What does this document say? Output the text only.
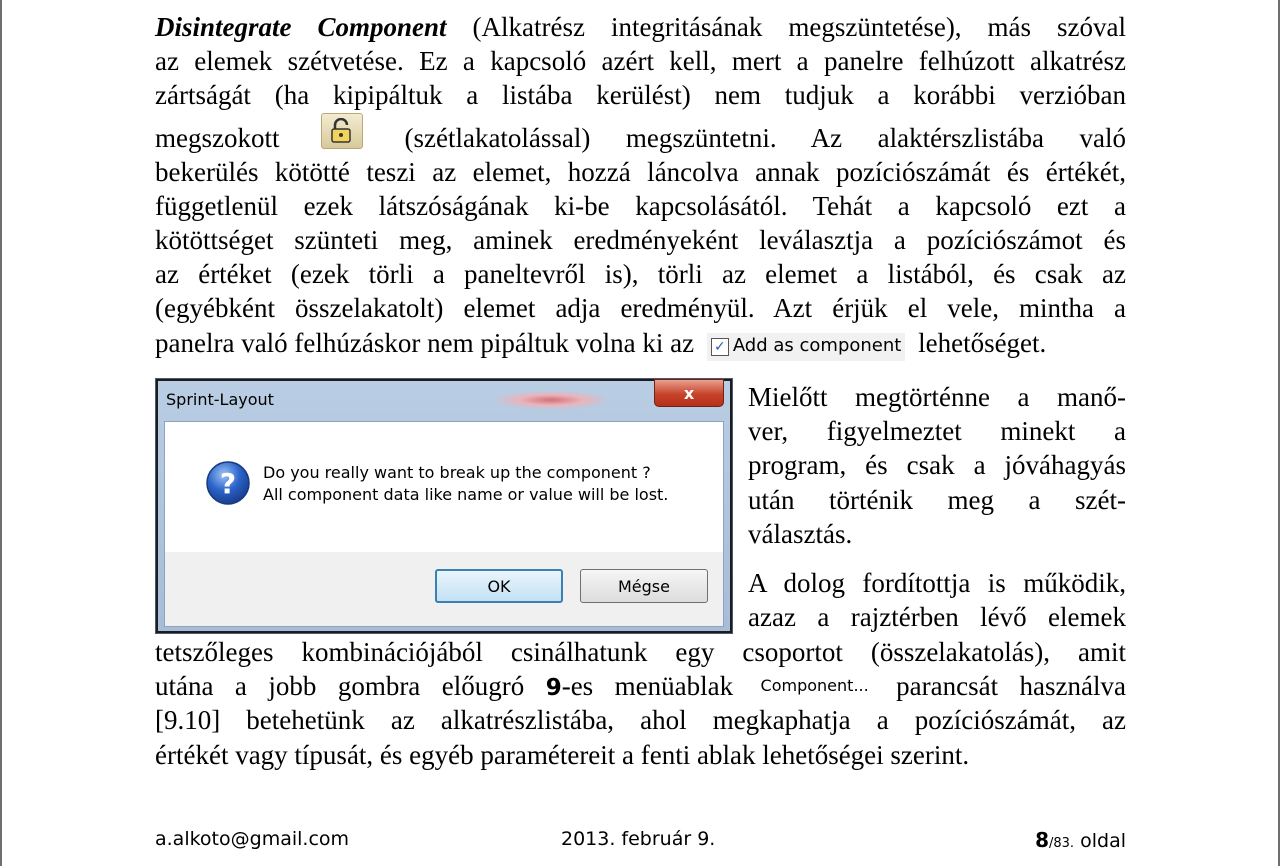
Disintegrate Component (Alkatrész integritásának megszüntetése), más szóval
az elemek szétvetése. Ez a kapcsoló azért kell, mert a panelre felhúzott alkatrész
zártságát (ha kipipáltuk a listába kerülést) nem tudjuk a korábbi verzióban
megszokott	(szétlakatolással) megszüntetni. Az alaktérszlistába való
bekerülés kötötté teszi az elemet, hozzá láncolva annak pozíciószámát és értékét,
függetlenül ezek látszóságának ki-be kapcsolásától. Tehát a kapcsoló ezt a
kötöttséget szünteti meg, aminek eredményeként leválasztja a pozíciószámot és
az értéket (ezek törli a paneltevről is), törli az elemet a listából, és csak az
(egyébként összelakatolt) elemet adja eredményül. Azt érjük el vele, mintha a
panelra való felhúzáskor nem pipáltuk volna ki az ✓ Add as component lehetőséget.
Sprint-Layout	x
? Do you really want to break up the component ?
All component data like name or value will be lost.
OK	Mégse
Mielőtt megtörténne a manő-
ver, figyelmeztet minekt a
program, és csak a jóváhagyás
után történik meg a szét-
választás.
A dolog fordítottja is működik,
azaz a rajztérben lévő elemek
tetszőleges kombinációjából csinálhatunk egy csoportot (összelakatolás), amit
utána a jobb gombra előugró 9-es menüablak Component... parancsát használva
[9.10] betehetünk az alkatrészlistába, ahol megkaphatja a pozíciószámát, az
értékét vagy típusát, és egyéb paramétereit a fenti ablak lehetőségei szerint.
a.alkoto@gmail.com	2013. február 9.	8/83. oldal
